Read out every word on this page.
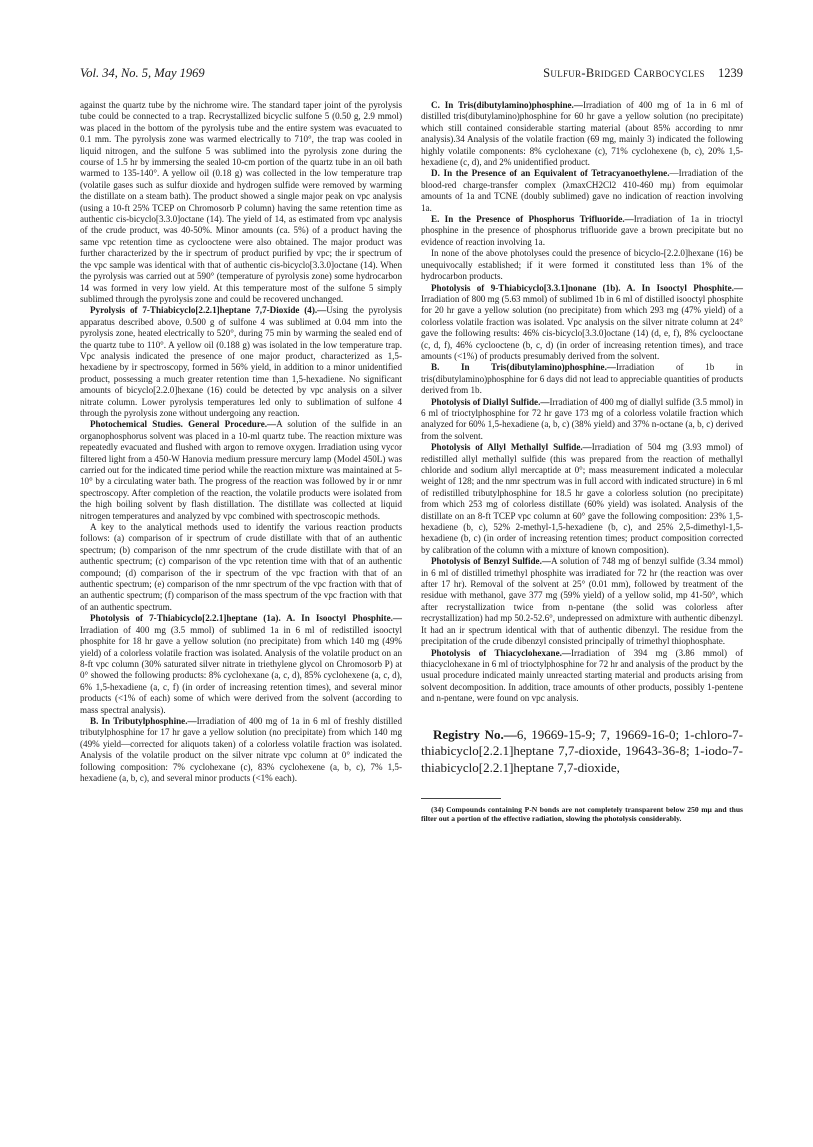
Vol. 34, No. 5, May 1969	Sulfur-Bridged Carbocycles 1239

against the quartz tube by the nichrome wire. The standard taper joint of the pyrolysis tube could be connected to a trap. Recrystallized bicyclic sulfone 5 (0.50 g, 2.9 mmol) was placed in the bottom of the pyrolysis tube and the entire system was evacuated to 0.1 mm. The pyrolysis zone was warmed electrically to 710°, the trap was cooled in liquid nitrogen, and the sulfone 5 was sublimed into the pyrolysis zone during the course of 1.5 hr by immersing the sealed 10-cm portion of the quartz tube in an oil bath warmed to 135-140°. A yellow oil (0.18 g) was collected in the low temperature trap (volatile gases such as sulfur dioxide and hydrogen sulfide were removed by warming the distillate on a steam bath). The product showed a single major peak on vpc analysis (using a 10-ft 25% TCEP on Chromosorb P column) having the same retention time as authentic cis-bicyclo[3.3.0]octane (14). The yield of 14, as estimated from vpc analysis of the crude product, was 40-50%. Minor amounts (ca. 5%) of a product having the same vpc retention time as cyclooctene were also obtained. The major product was further characterized by the ir spectrum of product purified by vpc; the ir spectrum of the vpc sample was identical with that of authentic cis-bicyclo[3.3.0]octane (14). When the pyrolysis was carried out at 590° (temperature of pyrolysis zone) some hydrocarbon 14 was formed in very low yield. At this temperature most of the sulfone 5 simply sublimed through the pyrolysis zone and could be recovered unchanged.

Pyrolysis of 7-Thiabicyclo[2.2.1]heptane 7,7-Dioxide (4).—Using the pyrolysis apparatus described above, 0.500 g of sulfone 4 was sublimed at 0.04 mm into the pyrolysis zone, heated electrically to 520°, during 75 min by warming the sealed end of the quartz tube to 110°. A yellow oil (0.188 g) was isolated in the low temperature trap. Vpc analysis indicated the presence of one major product, characterized as 1,5-hexadiene by ir spectroscopy, formed in 56% yield, in addition to a minor unidentified product, possessing a much greater retention time than 1,5-hexadiene. No significant amounts of bicyclo[2.2.0]hexane (16) could be detected by vpc analysis on a silver nitrate column. Lower pyrolysis temperatures led only to sublimation of sulfone 4 through the pyrolysis zone without undergoing any reaction.

Photochemical Studies. General Procedure.—A solution of the sulfide in an organophosphorus solvent was placed in a 10-ml quartz tube. The reaction mixture was repeatedly evacuated and flushed with argon to remove oxygen. Irradiation using vycor filtered light from a 450-W Hanovia medium pressure mercury lamp (Model 450L) was carried out for the indicated time period while the reaction mixture was maintained at 5-10° by a circulating water bath. The progress of the reaction was followed by ir or nmr spectroscopy. After completion of the reaction, the volatile products were isolated from the high boiling solvent by flash distillation. The distillate was collected at liquid nitrogen temperatures and analyzed by vpc combined with spectroscopic methods.

A key to the analytical methods used to identify the various reaction products follows: (a) comparison of ir spectrum of crude distillate with that of an authentic spectrum; (b) comparison of the nmr spectrum of the crude distillate with that of an authentic spectrum; (c) comparison of the vpc retention time with that of an authentic compound; (d) comparison of the ir spectrum of the vpc fraction with that of an authentic spectrum; (e) comparison of the nmr spectrum of the vpc fraction with that of an authentic spectrum; (f) comparison of the mass spectrum of the vpc fraction with that of an authentic spectrum.

Photolysis of 7-Thiabicyclo[2.2.1]heptane (1a). A. In Isooctyl Phosphite.—Irradiation of 400 mg (3.5 mmol) of sublimed 1a in 6 ml of redistilled isooctyl phosphite for 18 hr gave a yellow solution (no precipitate) from which 140 mg (49% yield) of a colorless volatile fraction was isolated. Analysis of the volatile product on an 8-ft vpc column (30% saturated silver nitrate in triethylene glycol on Chromosorb P) at 0° showed the following products: 8% cyclohexane (a, c, d), 85% cyclohexene (a, c, d), 6% 1,5-hexadiene (a, c, f) (in order of increasing retention times), and several minor products (<1% of each) some of which were derived from the solvent (according to mass spectral analysis).

B. In Tributylphosphine.—Irradiation of 400 mg of 1a in 6 ml of freshly distilled tributylphosphine for 17 hr gave a yellow solution (no precipitate) from which 140 mg (49% yield—corrected for aliquots taken) of a colorless volatile fraction was isolated. Analysis of the volatile product on the silver nitrate vpc column at 0° indicated the following composition: 7% cyclohexane (c), 83% cyclohexene (a, b, c), 7% 1,5-hexadiene (a, b, c), and several minor products (<1% each).

C. In Tris(dibutylamino)phosphine.—Irradiation of 400 mg of 1a in 6 ml of distilled tris(dibutylamino)phosphine for 60 hr gave a yellow solution (no precipitate) which still contained considerable starting material (about 85% according to nmr analysis).34 Analysis of the volatile fraction (69 mg, mainly 3) indicated the following highly volatile components: 8% cyclohexane (c), 71% cyclohexene (b, c), 20% 1,5-hexadiene (c, d), and 2% unidentified product.

D. In the Presence of an Equivalent of Tetracyanoethylene.—Irradiation of the blood-red charge-transfer complex (λmaxCH2Cl2 410-460 mμ) from equimolar amounts of 1a and TCNE (doubly sublimed) gave no indication of reaction involving 1a.

E. In the Presence of Phosphorus Trifluoride.—Irradiation of 1a in trioctyl phosphine in the presence of phosphorus trifluoride gave a brown precipitate but no evidence of reaction involving 1a.

In none of the above photolyses could the presence of bicyclo-[2.2.0]hexane (16) be unequivocally established; if it were formed it constituted less than 1% of the hydrocarbon products.

Photolysis of 9-Thiabicyclo[3.3.1]nonane (1b). A. In Isooctyl Phosphite.—Irradiation of 800 mg (5.63 mmol) of sublimed 1b in 6 ml of distilled isooctyl phosphite for 20 hr gave a yellow solution (no precipitate) from which 293 mg (47% yield) of a colorless volatile fraction was isolated. Vpc analysis on the silver nitrate column at 24° gave the following results: 46% cis-bicyclo[3.3.0]octane (14) (d, e, f), 8% cyclooctane (c, d, f), 46% cyclooctene (b, c, d) (in order of increasing retention times), and trace amounts (<1%) of products presumably derived from the solvent.

B. In Tris(dibutylamino)phosphine.—Irradiation of 1b in tris(dibutylamino)phosphine for 6 days did not lead to appreciable quantities of products derived from 1b.

Photolysis of Diallyl Sulfide.—Irradiation of 400 mg of diallyl sulfide (3.5 mmol) in 6 ml of trioctylphosphine for 72 hr gave 173 mg of a colorless volatile fraction which analyzed for 60% 1,5-hexadiene (a, b, c) (38% yield) and 37% n-octane (a, b, c) derived from the solvent.

Photolysis of Allyl Methallyl Sulfide.—Irradiation of 504 mg (3.93 mmol) of redistilled allyl methallyl sulfide (this was prepared from the reaction of methallyl chloride and sodium allyl mercaptide at 0°; mass measurement indicated a molecular weight of 128; and the nmr spectrum was in full accord with indicated structure) in 6 ml of redistilled tributylphosphine for 18.5 hr gave a colorless solution (no precipitate) from which 253 mg of colorless distillate (60% yield) was isolated. Analysis of the distillate on an 8-ft TCEP vpc column at 60° gave the following composition: 23% 1,5-hexadiene (b, c), 52% 2-methyl-1,5-hexadiene (b, c), and 25% 2,5-dimethyl-1,5-hexadiene (b, c) (in order of increasing retention times; product composition corrected by calibration of the column with a mixture of known composition).

Photolysis of Benzyl Sulfide.—A solution of 748 mg of benzyl sulfide (3.34 mmol) in 6 ml of distilled trimethyl phosphite was irradiated for 72 hr (the reaction was over after 17 hr). Removal of the solvent at 25° (0.01 mm), followed by treatment of the residue with methanol, gave 377 mg (59% yield) of a yellow solid, mp 41-50°, which after recrystallization twice from n-pentane (the solid was colorless after recrystallization) had mp 50.2-52.6°, undepressed on admixture with authentic dibenzyl. It had an ir spectrum identical with that of authentic dibenzyl. The residue from the precipitation of the crude dibenzyl consisted principally of trimethyl thiophosphate.

Photolysis of Thiacyclohexane.—Irradiation of 394 mg (3.86 mmol) of thiacyclohexane in 6 ml of trioctylphosphine for 72 hr and analysis of the product by the usual procedure indicated mainly unreacted starting material and products arising from solvent decomposition. In addition, trace amounts of other products, possibly 1-pentene and n-pentane, were found on vpc analysis.

Registry No.—6, 19669-15-9; 7, 19669-16-0; 1-chloro-7-thiabicyclo[2.2.1]heptane 7,7-dioxide, 19643-36-8; 1-iodo-7-thiabicyclo[2.2.1]heptane 7,7-dioxide,

(34) Compounds containing P-N bonds are not completely transparent below 250 mμ and thus filter out a portion of the effective radiation, slowing the photolysis considerably.
